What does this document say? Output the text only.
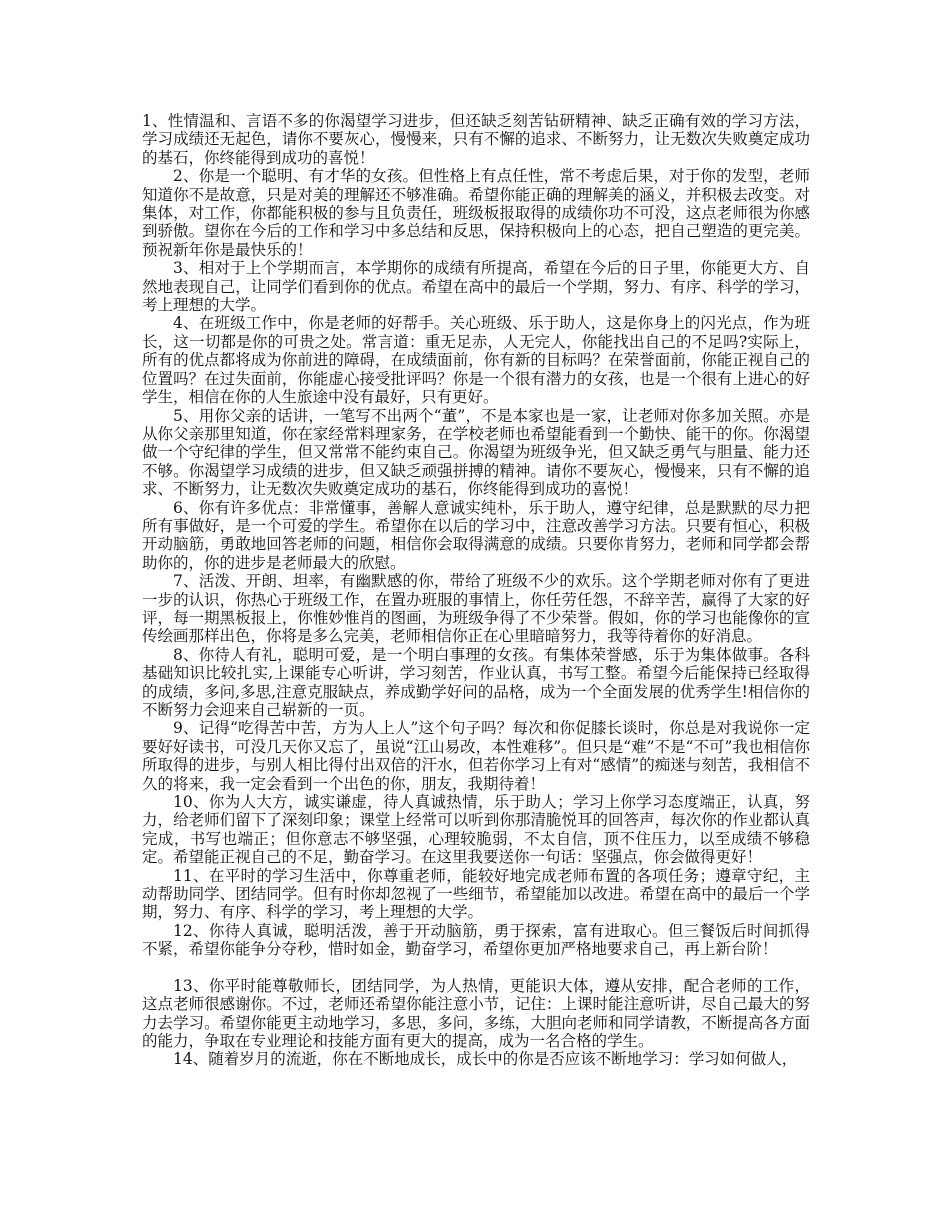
1、性情温和、言语不多的你渴望学习进步，但还缺乏刻苦钻研精神、缺乏正确有效的学习方法，学习成绩还无起色，请你不要灰心，慢慢来，只有不懈的追求、不断努力，让无数次失败奠定成功的基石，你终能得到成功的喜悦！

2、你是一个聪明、有才华的女孩。但性格上有点任性，常不考虑后果，对于你的发型，老师知道你不是故意，只是对美的理解还不够准确。希望你能正确的理解美的涵义，并积极去改变。对集体，对工作，你都能积极的参与且负责任，班级板报取得的成绩你功不可没，这点老师很为你感到骄傲。望你在今后的工作和学习中多总结和反思，保持积极向上的心态，把自己塑造的更完美。预祝新年你是最快乐的！

3、相对于上个学期而言，本学期你的成绩有所提高，希望在今后的日子里，你能更大方、自然地表现自己，让同学们看到你的优点。希望在高中的最后一个学期，努力、有序、科学的学习，考上理想的大学。

4、在班级工作中，你是老师的好帮手。关心班级、乐于助人，这是你身上的闪光点，作为班长，这一切都是你的可贵之处。常言道：重无足赤，人无完人，你能找出自己的不足吗?实际上，所有的优点都将成为你前进的障碍，在成绩面前，你有新的目标吗？在荣誉面前，你能正视自己的位置吗？在过失面前，你能虚心接受批评吗？你是一个很有潜力的女孩，也是一个很有上进心的好学生，相信在你的人生旅途中没有最好，只有更好。

5、用你父亲的话讲，一笔写不出两个“董”，不是本家也是一家，让老师对你多加关照。亦是从你父亲那里知道，你在家经常料理家务，在学校老师也希望能看到一个勤快、能干的你。你渴望做一个守纪律的学生，但又常常不能约束自己。你渴望为班级争光，但又缺乏勇气与胆量、能力还不够。你渴望学习成绩的进步，但又缺乏顽强拼搏的精神。请你不要灰心，慢慢来，只有不懈的追求、不断努力，让无数次失败奠定成功的基石，你终能得到成功的喜悦！

6、你有许多优点：非常懂事，善解人意诚实纯朴，乐于助人，遵守纪律，总是默默的尽力把所有事做好，是一个可爱的学生。希望你在以后的学习中，注意改善学习方法。只要有恒心，积极开动脑筋，勇敢地回答老师的问题，相信你会取得满意的成绩。只要你肯努力，老师和同学都会帮助你的，你的进步是老师最大的欣慰。

7、活泼、开朗、坦率，有幽默感的你，带给了班级不少的欢乐。这个学期老师对你有了更进一步的认识，你热心于班级工作，在置办班服的事情上，你任劳任怨，不辞辛苦，赢得了大家的好评，每一期黑板报上，你惟妙惟肖的图画，为班级争得了不少荣誉。假如，你的学习也能像你的宣传绘画那样出色，你将是多么完美，老师相信你正在心里暗暗努力，我等待着你的好消息。

8、你待人有礼，聪明可爱，是一个明白事理的女孩。有集体荣誉感，乐于为集体做事。各科基础知识比较扎实,上课能专心听讲，学习刻苦，作业认真，书写工整。希望今后能保持已经取得的成绩，多问,多思,注意克服缺点，养成勤学好问的品格，成为一个全面发展的优秀学生!相信你的不断努力会迎来自己崭新的一页。

9、记得“吃得苦中苦，方为人上人”这个句子吗？每次和你促膝长谈时，你总是对我说你一定要好好读书，可没几天你又忘了，虽说“江山易改，本性难移”。但只是“难”不是“不可”我也相信你所取得的进步，与别人相比得付出双倍的汗水，但若你学习上有对“感情”的痴迷与刻苦，我相信不久的将来，我一定会看到一个出色的你，朋友，我期待着！

10、你为人大方，诚实谦虚，待人真诚热情，乐于助人；学习上你学习态度端正，认真，努力，给老师们留下了深刻印象；课堂上经常可以听到你那清脆悦耳的回答声，每次你的作业都认真完成，书写也端正；但你意志不够坚强，心理较脆弱，不太自信，顶不住压力，以至成绩不够稳定。希望能正视自己的不足，勤奋学习。在这里我要送你一句话：坚强点，你会做得更好！

11、在平时的学习生活中，你尊重老师，能较好地完成老师布置的各项任务；遵章守纪，主动帮助同学、团结同学。但有时你却忽视了一些细节，希望能加以改进。希望在高中的最后一个学期，努力、有序、科学的学习，考上理想的大学。

12、你待人真诚，聪明活泼，善于开动脑筋，勇于探索，富有进取心。但三餐饭后时间抓得不紧，希望你能争分夺秒，惜时如金，勤奋学习，希望你更加严格地要求自己，再上新台阶！

13、你平时能尊敬师长，团结同学，为人热情，更能识大体，遵从安排，配合老师的工作，这点老师很感谢你。不过，老师还希望你能注意小节，记住：上课时能注意听讲，尽自己最大的努力去学习。希望你能更主动地学习，多思，多问，多练，大胆向老师和同学请教，不断提高各方面的能力，争取在专业理论和技能方面有更大的提高，成为一名合格的学生。

14、随着岁月的流逝，你在不断地成长，成长中的你是否应该不断地学习：学习如何做人，
